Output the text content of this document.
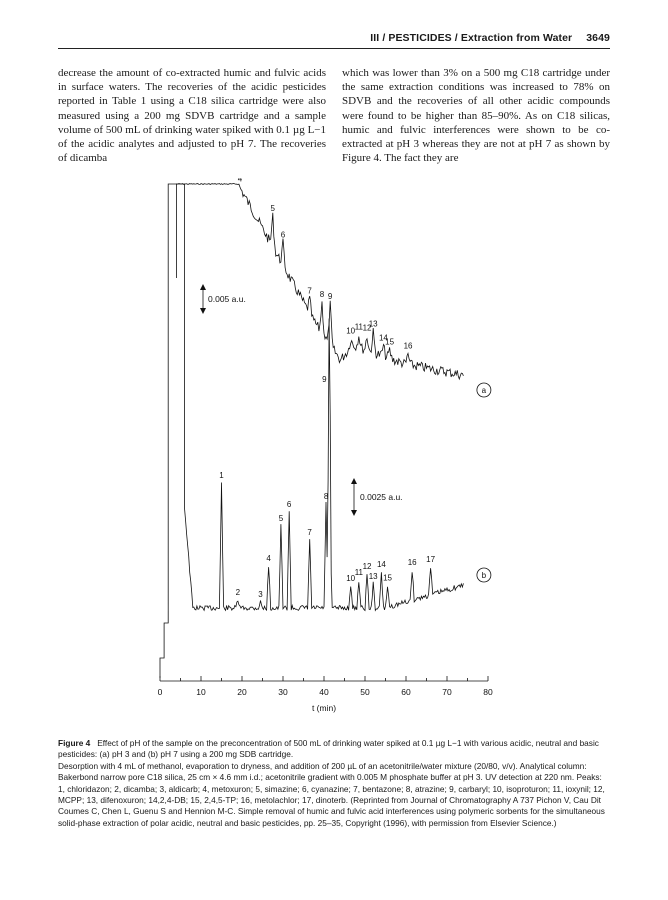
III / PESTICIDES / Extraction from Water 3649

decrease the amount of co-extracted humic and fulvic acids in surface waters. The recoveries of the acidic pesticides reported in Table 1 using a C18 silica cartridge were also measured using a 200 mg SDVB cartridge and a sample volume of 500 mL of drinking water spiked with 0.1 µg L−1 of the acidic analytes and adjusted to pH 7. The recoveries of dicamba

which was lower than 3% on a 500 mg C18 cartridge under the same extraction conditions was increased to 78% on SDVB and the recoveries of all other acidic compounds were found to be higher than 85–90%. As on C18 silicas, humic and fulvic interferences were shown to be co-extracted at pH 3 whereas they are not at pH 7 as shown by Figure 4. The fact they are

a
b
0	10	20	30	40	50	60	70	80
t (min)
4
5
6
7 8 9
10 11 12
13
14
15 16
1
2 3
4
5
6
7
8
9
10
11
12
13
14
15
16 17
0.005 a.u.
0.0025 a.u.

Figure 4 Effect of pH of the sample on the preconcentration of 500 mL of drinking water spiked at 0.1 µg L−1 with various acidic, neutral and basic pesticides: (a) pH 3 and (b) pH 7 using a 200 mg SDB cartridge.

Desorption with 4 mL of methanol, evaporation to dryness, and addition of 200 µL of an acetonitrile/water mixture (20/80, v/v). Analytical column: Bakerbond narrow pore C18 silica, 25 cm × 4.6 mm i.d.; acetonitrile gradient with 0.005 M phosphate buffer at pH 3. UV detection at 220 nm. Peaks: 1, chloridazon; 2, dicamba; 3, aldicarb; 4, metoxuron; 5, simazine; 6, cyanazine; 7, bentazone; 8, atrazine; 9, carbaryl; 10, isoproturon; 11, ioxynil; 12, MCPP; 13, difenoxuron; 14,2,4-DB; 15, 2,4,5-TP; 16, metolachlor; 17, dinoterb. (Reprinted from Journal of Chromatography A 737 Pichon V, Cau Dit Coumes C, Chen L, Guenu S and Hennion M-C. Simple removal of humic and fulvic acid interferences using polymeric sorbents for the simultaneous solid-phase extraction of polar acidic, neutral and basic pesticides, pp. 25–35, Copyright (1996), with permission from Elsevier Science.)
